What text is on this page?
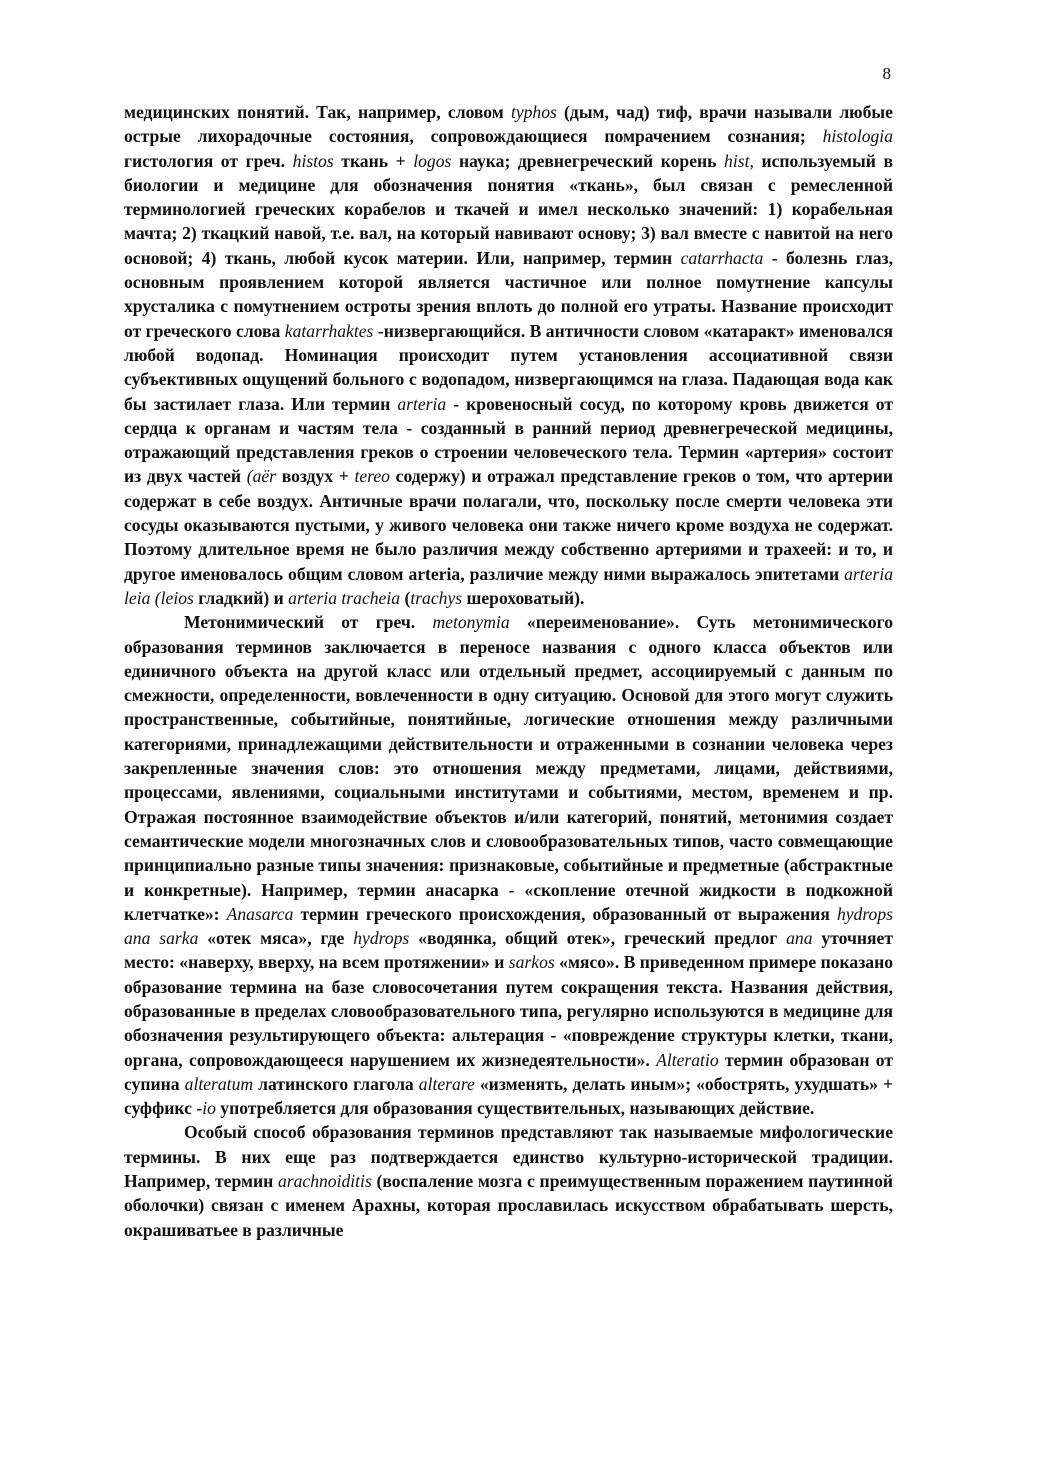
8

медицинских понятий. Так, например, словом typhos (дым, чад) тиф, врачи называли любые острые лихорадочные состояния, сопровождающиеся помрачением сознания; histologia гистология от греч. histos ткань + logos наука; древнегреческий корень hist, используемый в биологии и медицине для обозначения понятия «ткань», был связан с ремесленной терминологией греческих корабелов и ткачей и имел несколько значений: 1) корабельная мачта; 2) ткацкий навой, т.е. вал, на который навивают основу; 3) вал вместе с навитой на него основой; 4) ткань, любой кусок материи. Или, например, термин catarrhacta - болезнь глаз, основным проявлением которой является частичное или полное помутнение капсулы хрусталика с помутнением остроты зрения вплоть до полной его утраты. Название происходит от греческого слова katarrhaktes -низвергающийся. В античности словом «катаракт» именовался любой водопад. Номинация происходит путем установления ассоциативной связи субъективных ощущений больного с водопадом, низвергающимся на глаза. Падающая вода как бы застилает глаза. Или термин arteria - кровеносный сосуд, по которому кровь движется от сердца к органам и частям тела - созданный в ранний период древнегреческой медицины, отражающий представления греков о строении человеческого тела. Термин «артерия» состоит из двух частей (aёr воздух + tereo содержу) и отражал представление греков о том, что артерии содержат в себе воздух. Античные врачи полагали, что, поскольку после смерти человека эти сосуды оказываются пустыми, у живого человека они также ничего кроме воздуха не содержат. Поэтому длительное время не было различия между собственно артериями и трахеей: и то, и другое именовалось общим словом arteria, различие между ними выражалось эпитетами arteria leia (leios гладкий) и arteria tracheia (trachys шероховатый).

Метонимический от греч. metonymia «переименование». Суть метонимического образования терминов заключается в переносе названия с одного класса объектов или единичного объекта на другой класс или отдельный предмет, ассоциируемый с данным по смежности, определенности, вовлеченности в одну ситуацию. Основой для этого могут служить пространственные, событийные, понятийные, логические отношения между различными категориями, принадлежащими действительности и отраженными в сознании человека через закрепленные значения слов: это отношения между предметами, лицами, действиями, процессами, явлениями, социальными институтами и событиями, местом, временем и пр. Отражая постоянное взаимодействие объектов и/или категорий, понятий, метонимия создает семантические модели многозначных слов и словообразовательных типов, часто совмещающие принципиально разные типы значения: признаковые, событийные и предметные (абстрактные и конкретные). Например, термин анасарка - «скопление отечной жидкости в подкожной клетчатке»: Anasarca термин греческого происхождения, образованный от выражения hydrops ana sarka «отек мяса», где hydrops «водянка, общий отек», греческий предлог ana уточняет место: «наверху, вверху, на всем протяжении» и sarkos «мясо». В приведенном примере показано образование термина на базе словосочетания путем сокращения текста. Названия действия, образованные в пределах словообразовательного типа, регулярно используются в медицине для обозначения результирующего объекта: альтерация - «повреждение структуры клетки, ткани, органа, сопровождающееся нарушением их жизнедеятельности». Alteratio термин образован от супина alteratum латинского глагола alterare «изменять, делать иным»; «обострять, ухудшать» + суффикс -io употребляется для образования существительных, называющих действие.

Особый способ образования терминов представляют так называемые мифологические термины. В них еще раз подтверждается единство культурно-исторической традиции. Например, термин arachnoiditis (воспаление мозга с преимущественным поражением паутинной оболочки) связан с именем Арахны, которая прославилась искусством обрабатывать шерсть, окрашиватьее в различные
